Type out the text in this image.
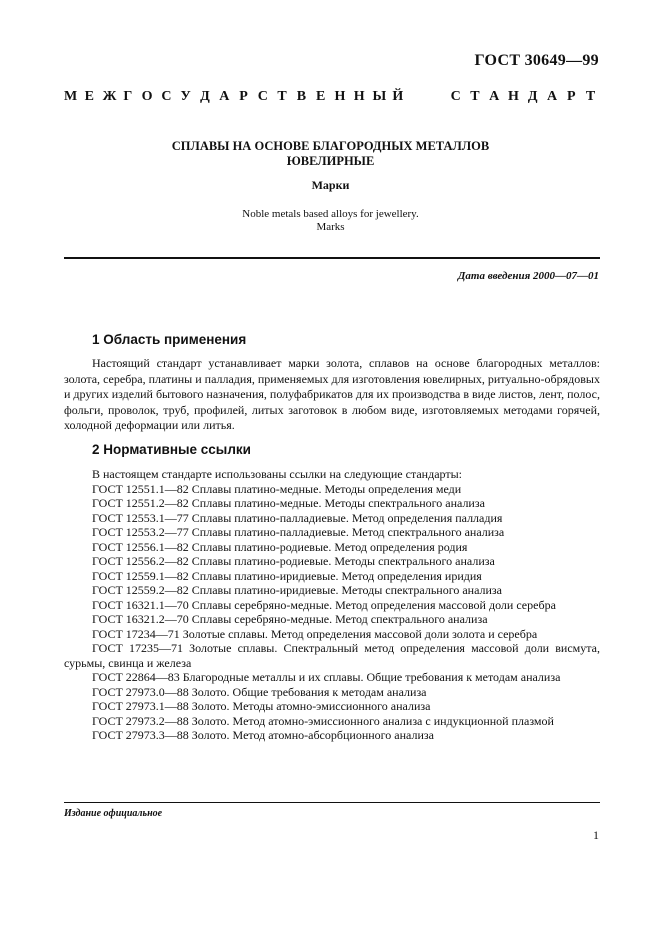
ГОСТ 30649—99
М Е Ж Г О С У Д А Р С Т В Е Н Н Ы Й	С Т А Н Д А Р Т
СПЛАВЫ НА ОСНОВЕ БЛАГОРОДНЫХ МЕТАЛЛОВ
ЮВЕЛИРНЫЕ
Марки
Noble metals based alloys for jewellery.
Marks
Дата введения 2000—07—01
1 Область применения

Настоящий стандарт устанавливает марки золота, сплавов на основе благородных металлов: золота, серебра, платины и палладия, применяемых для изготовления ювелирных, ритуально-обрядовых и других изделий бытового назначения, полуфабрикатов для их производства в виде листов, лент, полос, фольги, проволок, труб, профилей, литых заготовок в любом виде, изготовляемых методами горячей, холодной деформации или литья.

2 Нормативные ссылки
В настоящем стандарте использованы ссылки на следующие стандарты:
ГОСТ 12551.1—82 Сплавы платино-медные. Методы определения меди
ГОСТ 12551.2—82 Сплавы платино-медные. Методы спектрального анализа
ГОСТ 12553.1—77 Сплавы платино-палладиевые. Метод определения палладия
ГОСТ 12553.2—77 Сплавы платино-палладиевые. Метод спектрального анализа
ГОСТ 12556.1—82 Сплавы платино-родиевые. Метод определения родия
ГОСТ 12556.2—82 Сплавы платино-родиевые. Методы спектрального анализа
ГОСТ 12559.1—82 Сплавы платино-иридиевые. Метод определения иридия
ГОСТ 12559.2—82 Сплавы платино-иридиевые. Методы спектрального анализа
ГОСТ 16321.1—70 Сплавы серебряно-медные. Метод определения массовой доли серебра
ГОСТ 16321.2—70 Сплавы серебряно-медные. Метод спектрального анализа
ГОСТ 17234—71 Золотые сплавы. Метод определения массовой доли золота и серебра
ГОСТ 17235—71 Золотые сплавы. Спектральный метод определения массовой доли висмута, сурьмы, свинца и железа
ГОСТ 22864—83 Благородные металлы и их сплавы. Общие требования к методам анализа
ГОСТ 27973.0—88 Золото. Общие требования к методам анализа
ГОСТ 27973.1—88 Золото. Методы атомно-эмиссионного анализа
ГОСТ 27973.2—88 Золото. Метод атомно-эмиссионного анализа с индукционной плазмой
ГОСТ 27973.3—88 Золото. Метод атомно-абсорбционного анализа
Издание официальное
1
